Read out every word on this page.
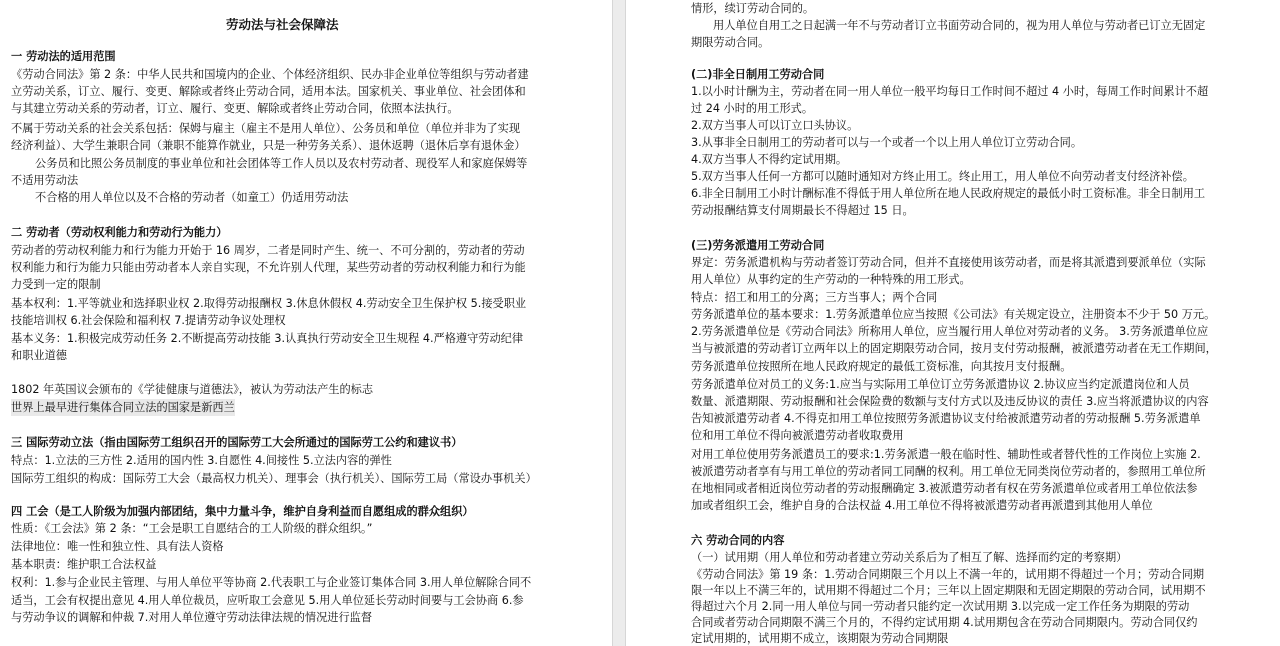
劳动法与社会保障法
一 劳动法的适用范围
《劳动合同法》第 2 条：中华人民共和国境内的企业、个体经济组织、民办非企业单位等组织与劳动者建
立劳动关系，订立、履行、变更、解除或者终止劳动合同，适用本法。国家机关、事业单位、社会团体和
与其建立劳动关系的劳动者，订立、履行、变更、解除或者终止劳动合同，依照本法执行。
不属于劳动关系的社会关系包括：保姆与雇主（雇主不是用人单位）、公务员和单位（单位并非为了实现
经济利益）、大学生兼职合同（兼职不能算作就业，只是一种劳务关系）、退休返聘（退休后享有退休金）
公务员和比照公务员制度的事业单位和社会团体等工作人员以及农村劳动者、现役军人和家庭保姆等
不适用劳动法
不合格的用人单位以及不合格的劳动者（如童工）仍适用劳动法
二 劳动者（劳动权利能力和劳动行为能力）
劳动者的劳动权利能力和行为能力开始于 16 周岁，二者是同时产生、统一、不可分割的，劳动者的劳动
权利能力和行为能力只能由劳动者本人亲自实现，不允许别人代理，某些劳动者的劳动权利能力和行为能
力受到一定的限制
基本权利：1.平等就业和选择职业权 2.取得劳动报酬权 3.休息休假权 4.劳动安全卫生保护权 5.接受职业
技能培训权 6.社会保险和福利权 7.提请劳动争议处理权
基本义务：1.积极完成劳动任务 2.不断提高劳动技能 3.认真执行劳动安全卫生规程 4.严格遵守劳动纪律
和职业道德
1802 年英国议会颁布的《学徒健康与道德法》，被认为劳动法产生的标志
世界上最早进行集体合同立法的国家是新西兰
三 国际劳动立法（指由国际劳工组织召开的国际劳工大会所通过的国际劳工公约和建议书）
特点：1.立法的三方性 2.适用的国内性 3.自愿性 4.间接性 5.立法内容的弹性
国际劳工组织的构成：国际劳工大会（最高权力机关）、理事会（执行机关）、国际劳工局（常设办事机关）
四 工会（是工人阶级为加强内部团结，集中力量斗争，维护自身利益而自愿组成的群众组织）
性质：《工会法》第 2 条：“工会是职工自愿结合的工人阶级的群众组织。”
法律地位：唯一性和独立性、具有法人资格
基本职责：维护职工合法权益
权利：1.参与企业民主管理、与用人单位平等协商 2.代表职工与企业签订集体合同 3.用人单位解除合同不
适当，工会有权提出意见 4.用人单位裁员，应听取工会意见 5.用人单位延长劳动时间要与工会协商 6.参
与劳动争议的调解和仲裁 7.对用人单位遵守劳动法律法规的情况进行监督
情形，续订劳动合同的。
用人单位自用工之日起满一年不与劳动者订立书面劳动合同的，视为用人单位与劳动者已订立无固定
期限劳动合同。
(二)非全日制用工劳动合同
1.以小时计酬为主，劳动者在同一用人单位一般平均每日工作时间不超过 4 小时，每周工作时间累计不超
过 24 小时的用工形式。
2.双方当事人可以订立口头协议。
3.从事非全日制用工的劳动者可以与一个或者一个以上用人单位订立劳动合同。
4.双方当事人不得约定试用期。
5.双方当事人任何一方都可以随时通知对方终止用工。终止用工，用人单位不向劳动者支付经济补偿。
6.非全日制用工小时计酬标准不得低于用人单位所在地人民政府规定的最低小时工资标准。非全日制用工
劳动报酬结算支付周期最长不得超过 15 日。
(三)劳务派遣用工劳动合同
界定：劳务派遣机构与劳动者签订劳动合同，但并不直接使用该劳动者，而是将其派遣到要派单位（实际
用人单位）从事约定的生产劳动的一种特殊的用工形式。
特点：招工和用工的分离；三方当事人；两个合同
劳务派遣单位的基本要求：1.劳务派遣单位应当按照《公司法》有关规定设立，注册资本不少于 50 万元。
2.劳务派遣单位是《劳动合同法》所称用人单位，应当履行用人单位对劳动者的义务。 3.劳务派遣单位应
当与被派遣的劳动者订立两年以上的固定期限劳动合同，按月支付劳动报酬，被派遣劳动者在无工作期间，
劳务派遣单位按照所在地人民政府规定的最低工资标准，向其按月支付报酬。
劳务派遣单位对员工的义务:1.应当与实际用工单位订立劳务派遣协议 2.协议应当约定派遣岗位和人员
数量、派遣期限、劳动报酬和社会保险费的数额与支付方式以及违反协议的责任 3.应当将派遣协议的内容
告知被派遣劳动者 4.不得克扣用工单位按照劳务派遣协议支付给被派遣劳动者的劳动报酬 5.劳务派遣单
位和用工单位不得向被派遣劳动者收取费用
对用工单位使用劳务派遣员工的要求:1.劳务派遣一般在临时性、辅助性或者替代性的工作岗位上实施 2.
被派遣劳动者享有与用工单位的劳动者同工同酬的权利。用工单位无同类岗位劳动者的，参照用工单位所
在地相同或者相近岗位劳动者的劳动报酬确定 3.被派遣劳动者有权在劳务派遣单位或者用工单位依法参
加或者组织工会，维护自身的合法权益 4.用工单位不得将被派遣劳动者再派遣到其他用人单位
六 劳动合同的内容
（一）试用期（用人单位和劳动者建立劳动关系后为了相互了解、选择而约定的考察期）
《劳动合同法》第 19 条：1.劳动合同期限三个月以上不满一年的，试用期不得超过一个月；劳动合同期
限一年以上不满三年的，试用期不得超过二个月；三年以上固定期限和无固定期限的劳动合同，试用期不
得超过六个月 2.同一用人单位与同一劳动者只能约定一次试用期 3.以完成一定工作任务为期限的劳动
合同或者劳动合同期限不满三个月的，不得约定试用期 4.试用期包含在劳动合同期限内。劳动合同仅约
定试用期的，试用期不成立，该期限为劳动合同期限
